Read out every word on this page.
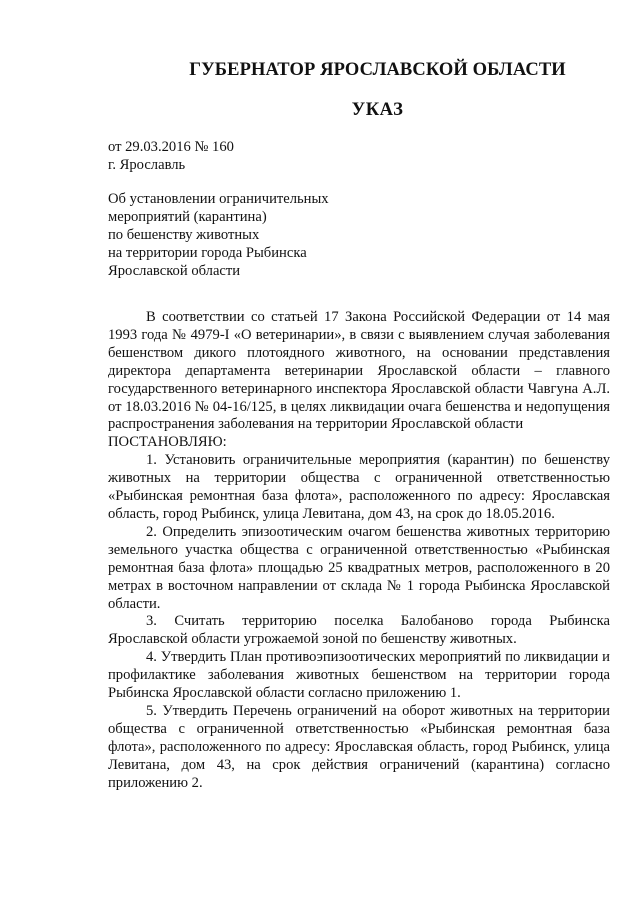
ГУБЕРНАТОР ЯРОСЛАВСКОЙ ОБЛАСТИ
УКАЗ
от 29.03.2016 № 160
г. Ярославль
Об установлении ограничительных
мероприятий (карантина)
по бешенству животных
на территории города Рыбинска
Ярославской области

В соответствии со статьей 17 Закона Российской Федерации от 14 мая 1993 года № 4979-I «О ветеринарии», в связи с выявлением случая заболевания бешенством дикого плотоядного животного, на основании представления директора департамента ветеринарии Ярославской области – главного государственного ветеринарного инспектора Ярославской области Чавгуна А.Л. от 18.03.2016 № 04-16/125, в целях ликвидации очага бешенства и недопущения распространения заболевания на территории Ярославской области

ПОСТАНОВЛЯЮ:

1. Установить ограничительные мероприятия (карантин) по бешенству животных на территории общества с ограниченной ответственностью «Рыбинская ремонтная база флота», расположенного по адресу: Ярославская область, город Рыбинск, улица Левитана, дом 43, на срок до 18.05.2016.

2. Определить эпизоотическим очагом бешенства животных территорию земельного участка общества с ограниченной ответственностью «Рыбинская ремонтная база флота» площадью 25 квадратных метров, расположенного в 20 метрах в восточном направлении от склада № 1 города Рыбинска Ярославской области.

3. Считать территорию поселка Балобаново города Рыбинска Ярославской области угрожаемой зоной по бешенству животных.

4. Утвердить План противоэпизоотических мероприятий по ликвидации и профилактике заболевания животных бешенством на территории города Рыбинска Ярославской области согласно приложению 1.

5. Утвердить Перечень ограничений на оборот животных на территории общества с ограниченной ответственностью «Рыбинская ремонтная база флота», расположенного по адресу: Ярославская область, город Рыбинск, улица Левитана, дом 43, на срок действия ограничений (карантина) согласно приложению 2.
